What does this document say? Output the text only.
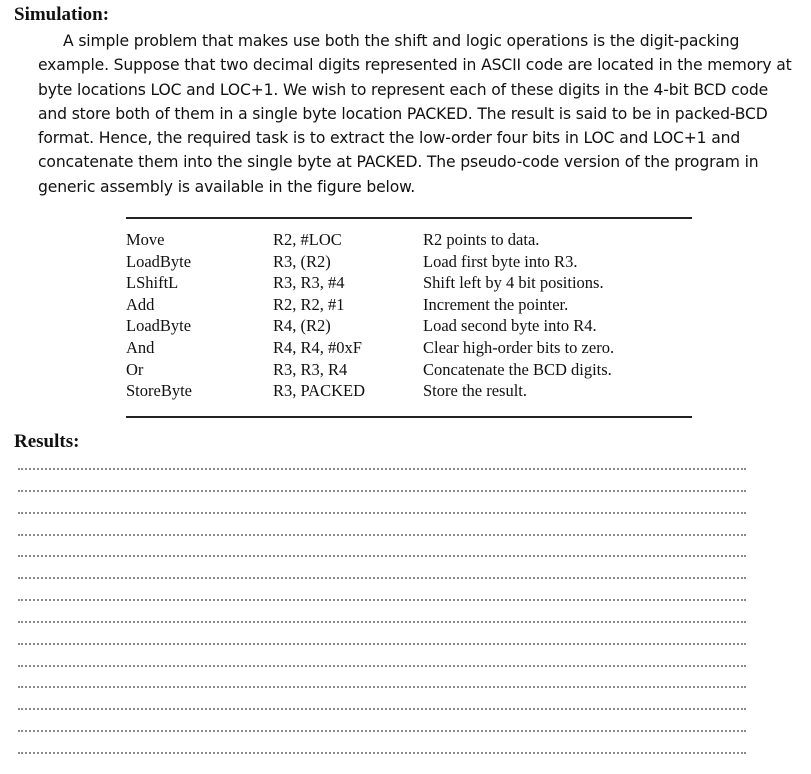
Simulation:

A simple problem that makes use both the shift and logic operations is the digit-packing example. Suppose that two decimal digits represented in ASCII code are located in the memory at byte locations LOC and LOC+1. We wish to represent each of these digits in the 4-bit BCD code and store both of them in a single byte location PACKED. The result is said to be in packed-BCD format. Hence, the required task is to extract the low-order four bits in LOC and LOC+1 and concatenate them into the single byte at PACKED. The pseudo-code version of the program in generic assembly is available in the figure below.

Move	R2, #LOC	R2 points to data.
LoadByte	R3, (R2)	Load first byte into R3.
LShiftL	R3, R3, #4	Shift left by 4 bit positions.
Add	R2, R2, #1	Increment the pointer.
LoadByte	R4, (R2)	Load second byte into R4.
And	R4, R4, #0xF	Clear high-order bits to zero.
Or	R3, R3, R4	Concatenate the BCD digits.
StoreByte	R3, PACKED	Store the result.
Results:
